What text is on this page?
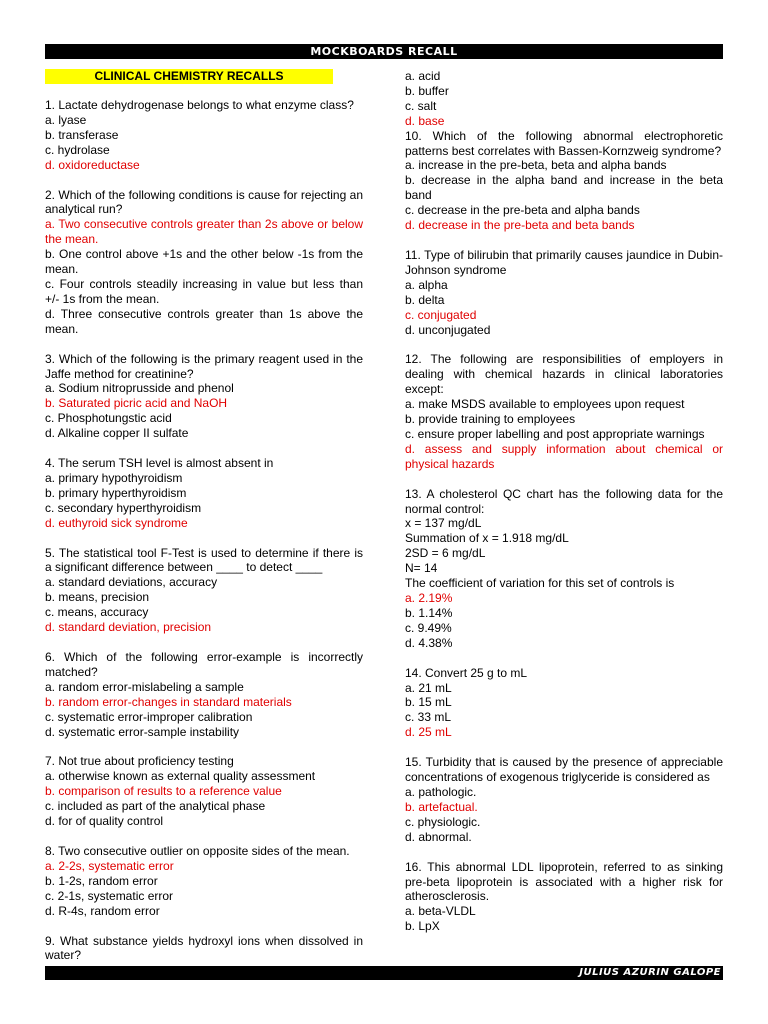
MOCKBOARDS RECALL
CLINICAL CHEMISTRY RECALLS
1. Lactate dehydrogenase belongs to what enzyme class?
a. lyase
b. transferase
c. hydrolase
d. oxidoreductase
2. Which of the following conditions is cause for rejecting an analytical run?
a. Two consecutive controls greater than 2s above or below the mean.
b. One control above +1s and the other below -1s from the mean.
c. Four controls steadily increasing in value but less than +/- 1s from the mean.
d. Three consecutive controls greater than 1s above the mean.
3. Which of the following is the primary reagent used in the Jaffe method for creatinine?
a. Sodium nitroprusside and phenol
b. Saturated picric acid and NaOH
c. Phosphotungstic acid
d. Alkaline copper II sulfate
4. The serum TSH level is almost absent in
a. primary hypothyroidism
b. primary hyperthyroidism
c. secondary hyperthyroidism
d. euthyroid sick syndrome
5. The statistical tool F-Test is used to determine if there is a significant difference between ____ to detect ____
a. standard deviations, accuracy
b. means, precision
c. means, accuracy
d. standard deviation, precision
6. Which of the following error-example is incorrectly matched?
a. random error-mislabeling a sample
b. random error-changes in standard materials
c. systematic error-improper calibration
d. systematic error-sample instability
7. Not true about proficiency testing
a. otherwise known as external quality assessment
b. comparison of results to a reference value
c. included as part of the analytical phase
d. for of quality control
8. Two consecutive outlier on opposite sides of the mean.
a. 2-2s, systematic error
b. 1-2s, random error
c. 2-1s, systematic error
d. R-4s, random error
9. What substance yields hydroxyl ions when dissolved in water?
a. acid
b. buffer
c. salt
d. base
10. Which of the following abnormal electrophoretic patterns best correlates with Bassen-Kornzweig syndrome?
a. increase in the pre-beta, beta and alpha bands
b. decrease in the alpha band and increase in the beta band
c. decrease in the pre-beta and alpha bands
d. decrease in the pre-beta and beta bands
11. Type of bilirubin that primarily causes jaundice in Dubin-Johnson syndrome
a. alpha
b. delta
c. conjugated
d. unconjugated
12. The following are responsibilities of employers in dealing with chemical hazards in clinical laboratories except:
a. make MSDS available to employees upon request
b. provide training to employees
c. ensure proper labelling and post appropriate warnings
d. assess and supply information about chemical or physical hazards
13. A cholesterol QC chart has the following data for the normal control:
x = 137 mg/dL
Summation of x = 1.918 mg/dL
2SD = 6 mg/dL
N= 14
The coefficient of variation for this set of controls is
a. 2.19%
b. 1.14%
c. 9.49%
d. 4.38%
14. Convert 25 g to mL
a. 21 mL
b. 15 mL
c. 33 mL
d. 25 mL
15. Turbidity that is caused by the presence of appreciable concentrations of exogenous triglyceride is considered as
a. pathologic.
b. artefactual.
c. physiologic.
d. abnormal.
16. This abnormal LDL lipoprotein, referred to as sinking pre-beta lipoprotein is associated with a higher risk for atherosclerosis.
a. beta-VLDL
b. LpX
JULIUS AZURIN GALOPE
